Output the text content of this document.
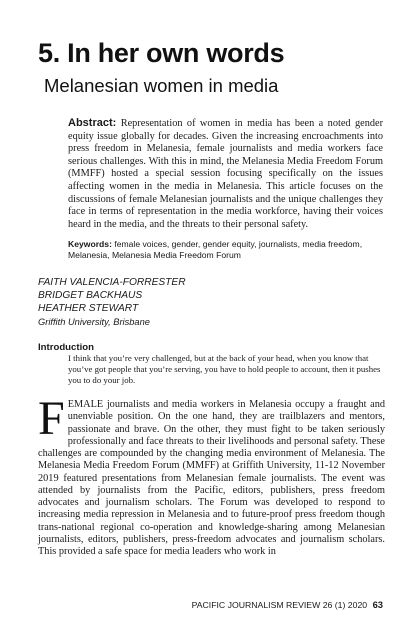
5. In her own words
Melanesian women in media
Abstract: Representation of women in media has been a noted gender equity issue globally for decades. Given the increasing encroachments into press freedom in Melanesia, female journalists and media workers face serious challenges. With this in mind, the Melanesia Media Freedom Forum (MMFF) hosted a special session focusing specifically on the issues affecting women in the media in Melanesia. This article focuses on the discussions of female Melanesian journalists and the unique challenges they face in terms of representation in the media workforce, having their voices heard in the media, and the threats to their personal safety.
Keywords: female voices, gender, gender equity, journalists, media freedom, Melanesia, Melanesia Media Freedom Forum
FAITH VALENCIA-FORRESTER
BRIDGET BACKHAUS
HEATHER STEWART
Griffith University, Brisbane
Introduction
I think that you’re very challenged, but at the back of your head, when you know that you’ve got people that you’re serving, you have to hold people to account, then it pushes you to do your job.
F EMALE journalists and media workers in Melanesia occupy a fraught and unenviable position. On the one hand, they are trailblazers and mentors, passionate and brave. On the other, they must fight to be taken seriously professionally and face threats to their livelihoods and personal safety. These challenges are compounded by the changing media environment of Melanesia. The Melanesia Media Freedom Forum (MMFF) at Griffith University, 11-12 November 2019 featured presentations from Melanesian female journalists. The event was attended by journalists from the Pacific, editors, publishers, press freedom advocates and journalism scholars. The Forum was developed to respond to increasing media repression in Melanesia and to future-proof press freedom though trans-national regional co-operation and knowledge-sharing among Melanesian journalists, editors, publishers, press-freedom advocates and journalism scholars. This provided a safe space for media leaders who work in
PACIFIC JOURNALISM REVIEW 26 (1) 2020 63
